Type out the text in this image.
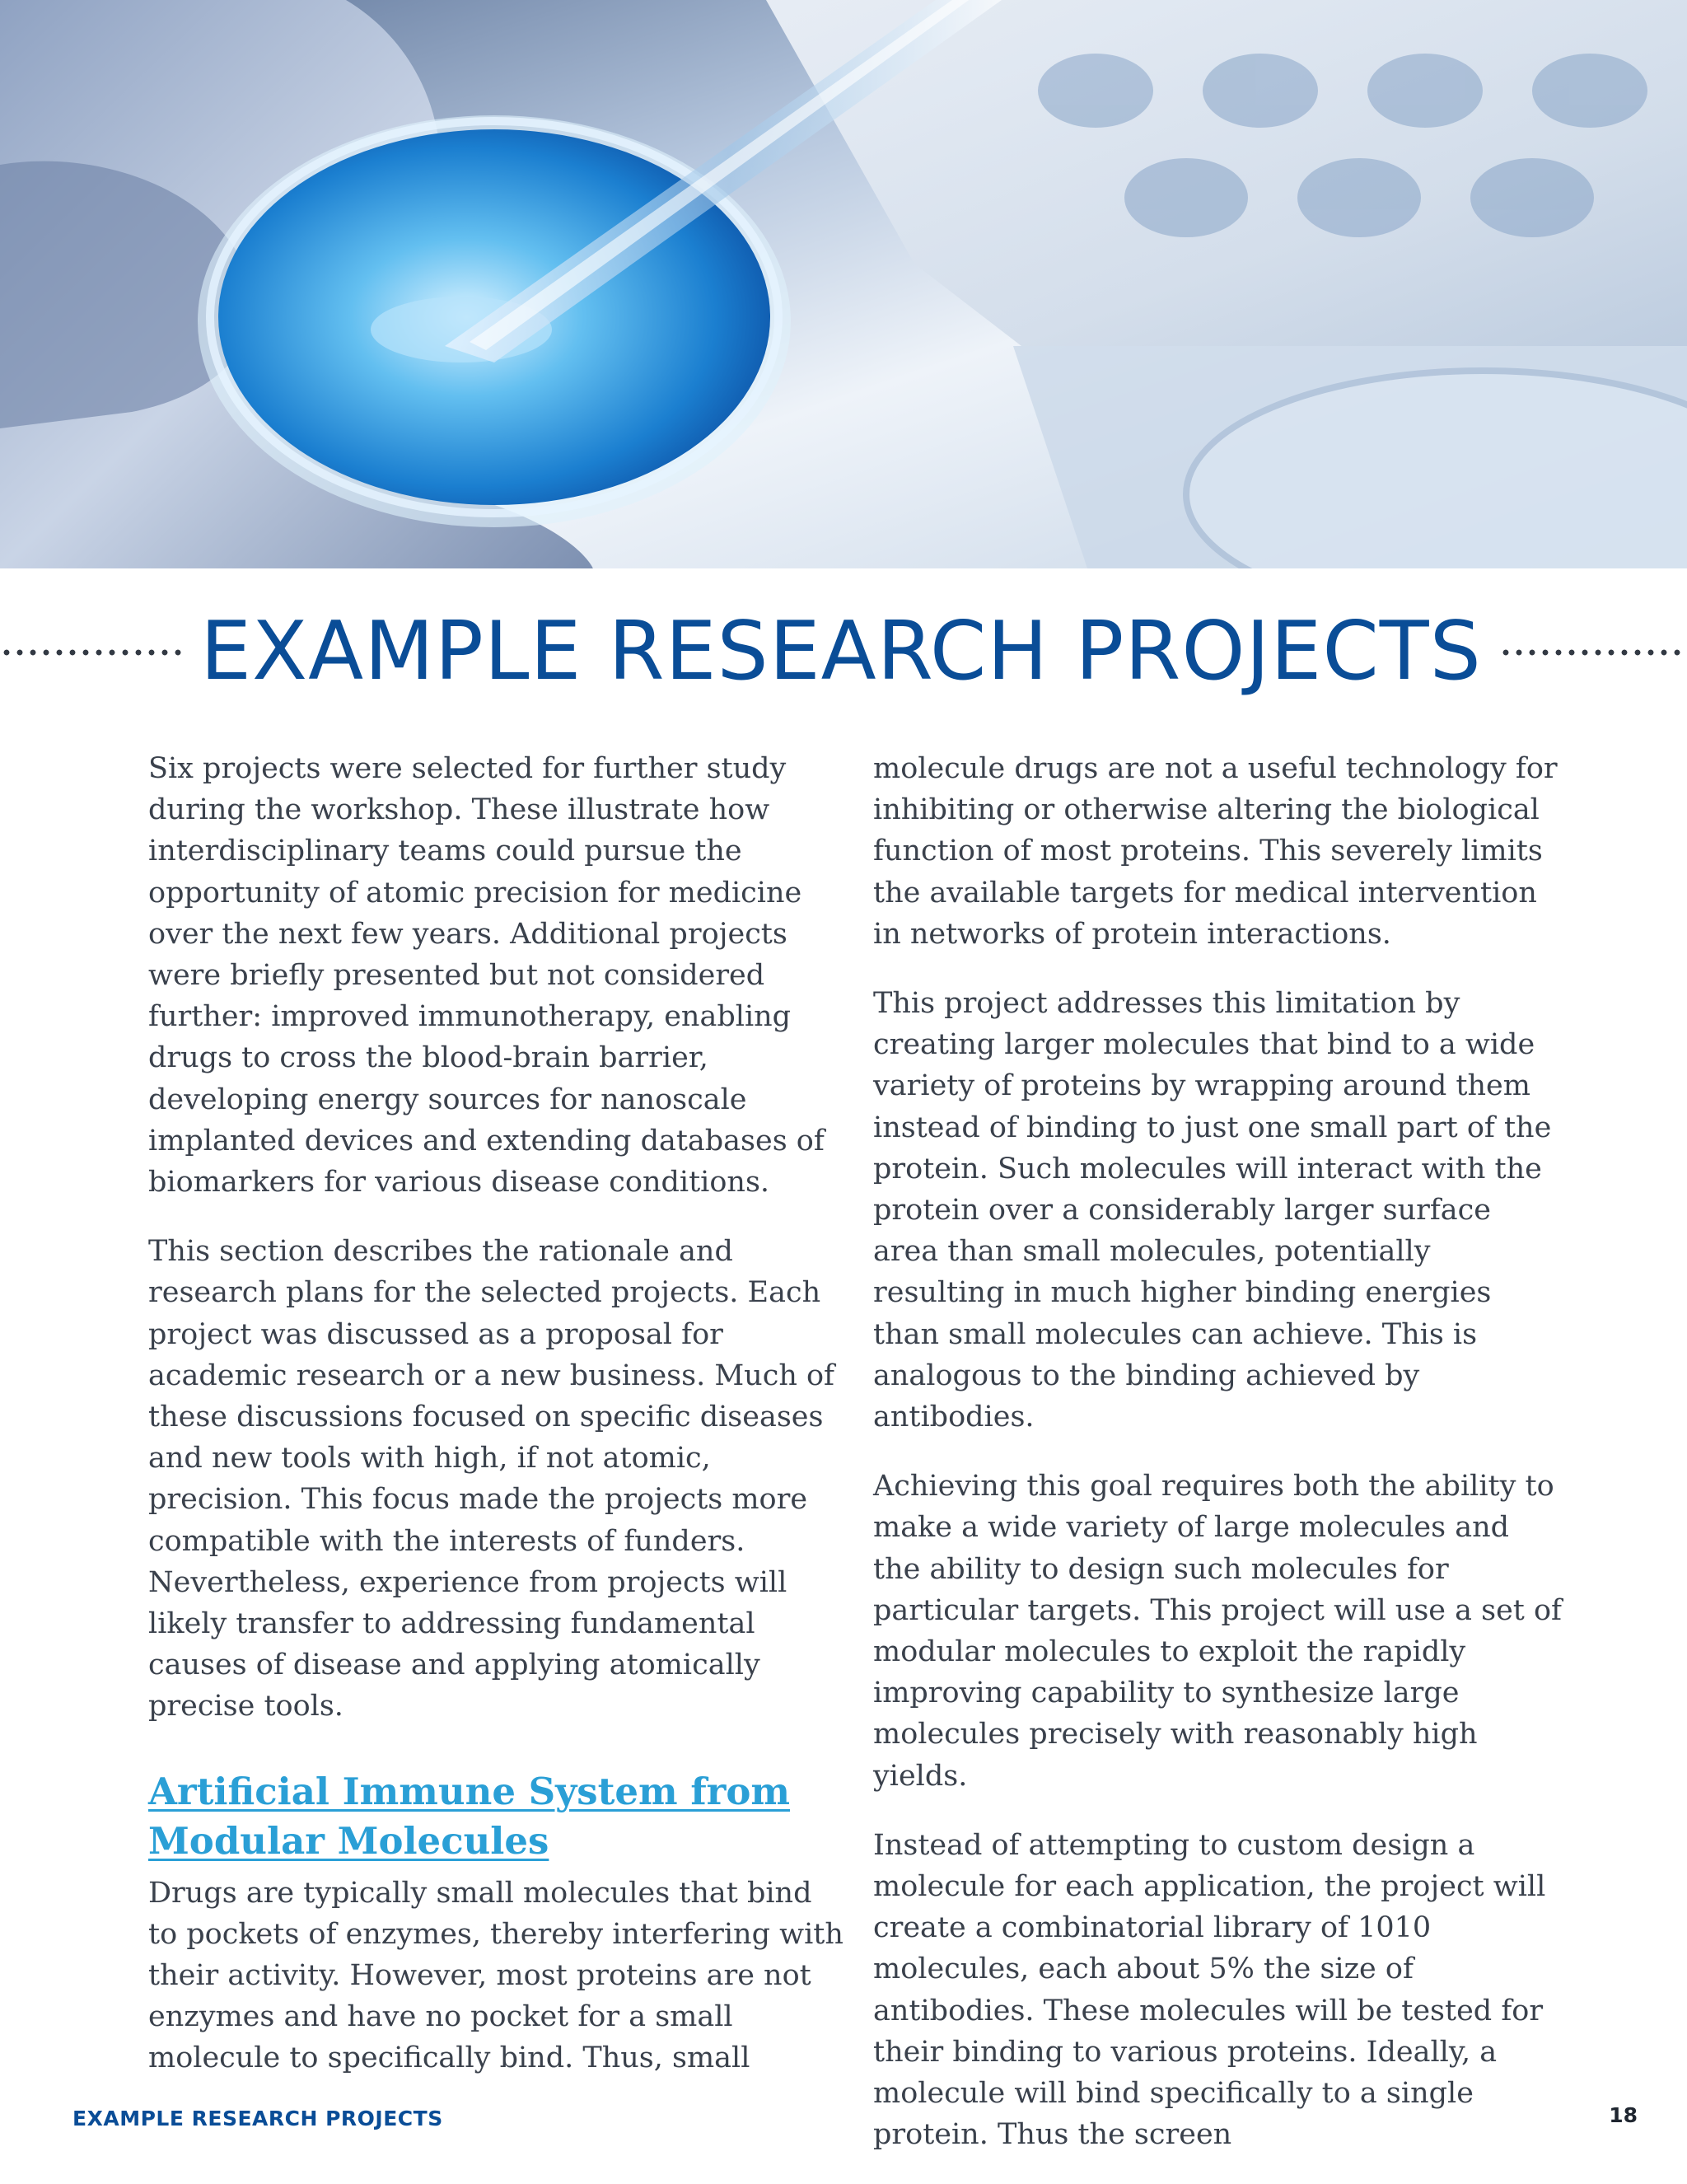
EXAMPLE RESEARCH PROJECTS

Six projects were selected for further study during the workshop. These illustrate how interdisciplinary teams could pursue the opportunity of atomic precision for medicine over the next few years. Additional projects were briefly presented but not considered further: improved immunotherapy, enabling drugs to cross the blood-brain barrier, developing energy sources for nanoscale implanted devices and extending databases of biomarkers for various disease conditions.

This section describes the rationale and research plans for the selected projects. Each project was discussed as a proposal for academic research or a new business. Much of these discussions focused on specific diseases and new tools with high, if not atomic, precision. This focus made the projects more compatible with the interests of funders. Nevertheless, experience from projects will likely transfer to addressing fundamental causes of disease and applying atomically precise tools.

Artificial Immune System from Modular Molecules

Drugs are typically small molecules that bind to pockets of enzymes, thereby interfering with their activity. However, most proteins are not enzymes and have no pocket for a small molecule to specifically bind. Thus, small

molecule drugs are not a useful technology for inhibiting or otherwise altering the biological function of most proteins. This severely limits the available targets for medical intervention in networks of protein interactions.

This project addresses this limitation by creating larger molecules that bind to a wide variety of proteins by wrapping around them instead of binding to just one small part of the protein. Such molecules will interact with the protein over a considerably larger surface area than small molecules, potentially resulting in much higher binding energies than small molecules can achieve. This is analogous to the binding achieved by antibodies.

Achieving this goal requires both the ability to make a wide variety of large molecules and the ability to design such molecules for particular targets. This project will use a set of modular molecules to exploit the rapidly improving capability to synthesize large molecules precisely with reasonably high yields.

Instead of attempting to custom design a molecule for each application, the project will create a combinatorial library of 1010 molecules, each about 5% the size of antibodies. These molecules will be tested for their binding to various proteins. Ideally, a molecule will bind specifically to a single protein. Thus the screen

EXAMPLE RESEARCH PROJECTS	18
